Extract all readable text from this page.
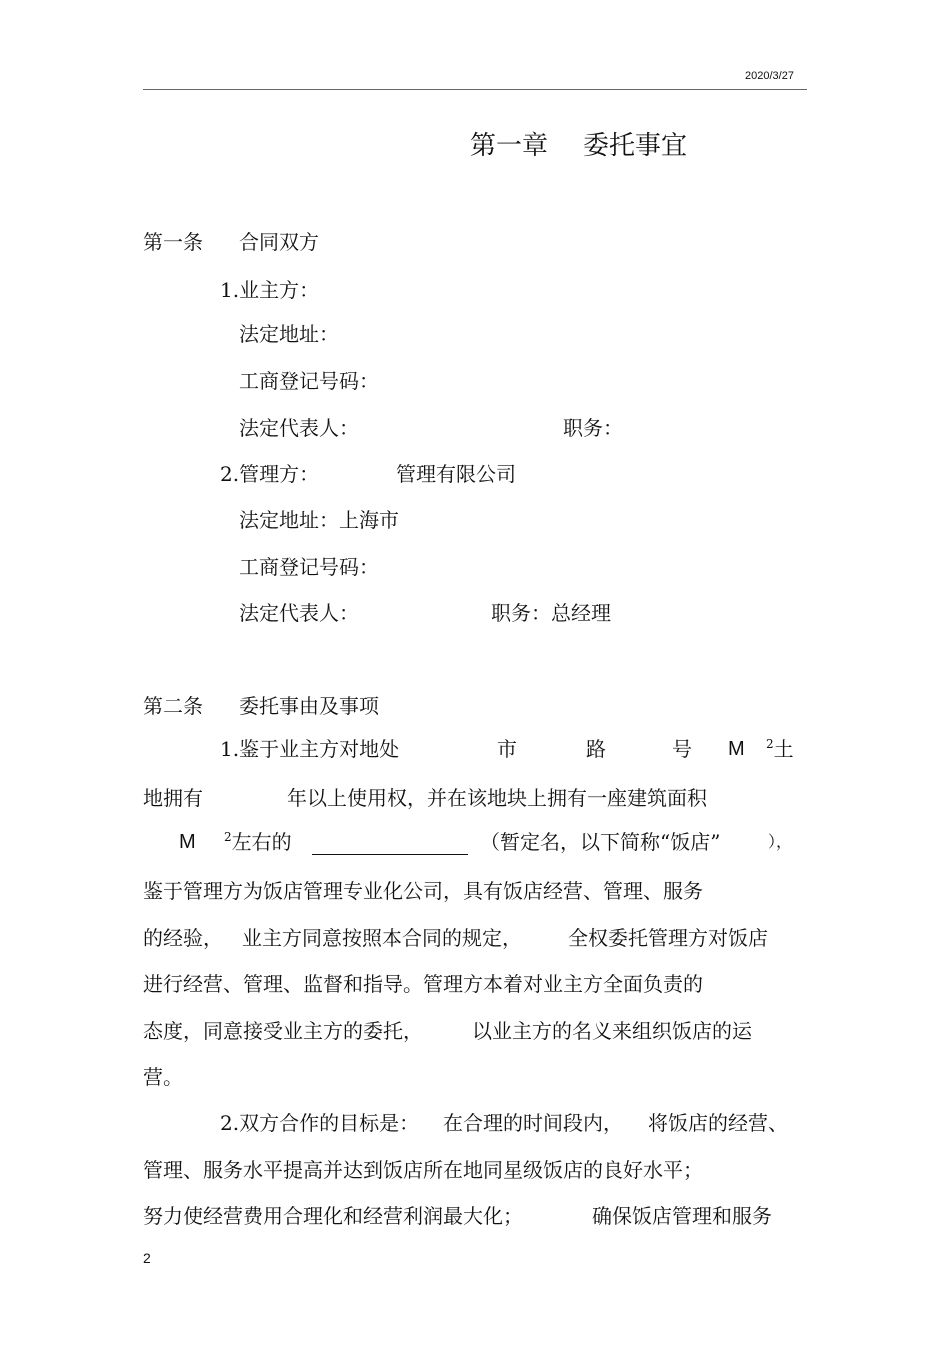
2020/3/27
第一章 委托事宜
第一条 合同双方
1.业主方：
法定地址：
工商登记号码：
法定代表人：	职务：
2.管理方：	管理有限公司
法定地址：上海市
工商登记号码：
法定代表人：	职务：总经理
第二条 委托事由及事项
1.鉴于业主方对地处	市	路	号 M $^2$土
地拥有	年以上使用权，并在该地块上拥有一座建筑面积
M $^2$左右的	（暂定名，以下简称“饭店”	），
鉴于管理方为饭店管理专业化公司，具有饭店经营、管理、服务
的经验， 业主方同意按照本合同的规定， 全权委托管理方对饭店
进行经营、管理、监督和指导。管理方本着对业主方全面负责的
态度，同意接受业主方的委托， 以业主方的名义来组织饭店的运
营。
2.双方合作的目标是： 在合理的时间段内， 将饭店的经营、
管理、服务水平提高并达到饭店所在地同星级饭店的良好水平；
努力使经营费用合理化和经营利润最大化；	确保饭店管理和服务
2
